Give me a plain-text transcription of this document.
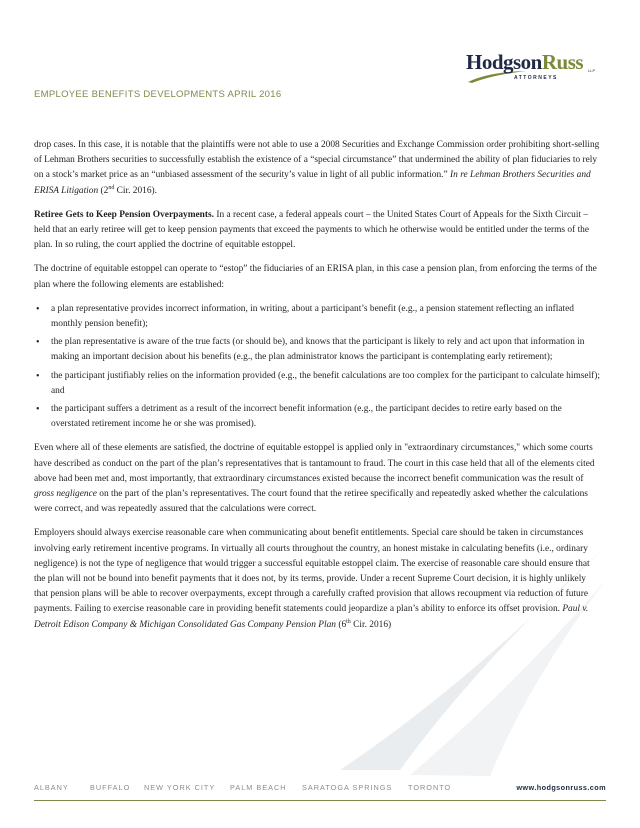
HodgsonRuss LLP
ATTORNEYS
EMPLOYEE BENEFITS DEVELOPMENTS APRIL 2016

drop cases. In this case, it is notable that the plaintiffs were not able to use a 2008 Securities and Exchange Commission order prohibiting short-selling of Lehman Brothers securities to successfully establish the existence of a “special circumstance” that undermined the ability of plan fiduciaries to rely on a stock’s market price as an “unbiased assessment of the security’s value in light of all public information.” In re Lehman Brothers Securities and ERISA Litigation (2nd Cir. 2016).

Retiree Gets to Keep Pension Overpayments. In a recent case, a federal appeals court – the United States Court of Appeals for the Sixth Circuit – held that an early retiree will get to keep pension payments that exceed the payments to which he otherwise would be entitled under the terms of the plan. In so ruling, the court applied the doctrine of equitable estoppel.

The doctrine of equitable estoppel can operate to “estop” the fiduciaries of an ERISA plan, in this case a pension plan, from enforcing the terms of the plan where the following elements are established:

• a plan representative provides incorrect information, in writing, about a participant’s benefit (e.g., a pension statement reflecting an inflated monthly pension benefit);
• the plan representative is aware of the true facts (or should be), and knows that the participant is likely to rely and act upon that information in making an important decision about his benefits (e.g., the plan administrator knows the participant is contemplating early retirement);
• the participant justifiably relies on the information provided (e.g., the benefit calculations are too complex for the participant to calculate himself); and
• the participant suffers a detriment as a result of the incorrect benefit information (e.g., the participant decides to retire early based on the overstated retirement income he or she was promised).

Even where all of these elements are satisfied, the doctrine of equitable estoppel is applied only in "extraordinary circumstances," which some courts have described as conduct on the part of the plan’s representatives that is tantamount to fraud. The court in this case held that all of the elements cited above had been met and, most importantly, that extraordinary circumstances existed because the incorrect benefit communication was the result of gross negligence on the part of the plan’s representatives. The court found that the retiree specifically and repeatedly asked whether the calculations were correct, and was repeatedly assured that the calculations were correct.

Employers should always exercise reasonable care when communicating about benefit entitlements. Special care should be taken in circumstances involving early retirement incentive programs. In virtually all courts throughout the country, an honest mistake in calculating benefits (i.e., ordinary negligence) is not the type of negligence that would trigger a successful equitable estoppel claim. The exercise of reasonable care should ensure that the plan will not be bound into benefit payments that it does not, by its terms, provide. Under a recent Supreme Court decision, it is highly unlikely that pension plans will be able to recover overpayments, except through a carefully crafted provision that allows recoupment via reduction of future payments. Failing to exercise reasonable care in providing benefit statements could jeopardize a plan’s ability to enforce its offset provision. Paul v. Detroit Edison Company & Michigan Consolidated Gas Company Pension Plan (6th Cir. 2016)

ALBANY	BUFFALO NEW YORK CITY PALM BEACH SARATOGA SPRINGS TORONTO	www.hodgsonruss.com
